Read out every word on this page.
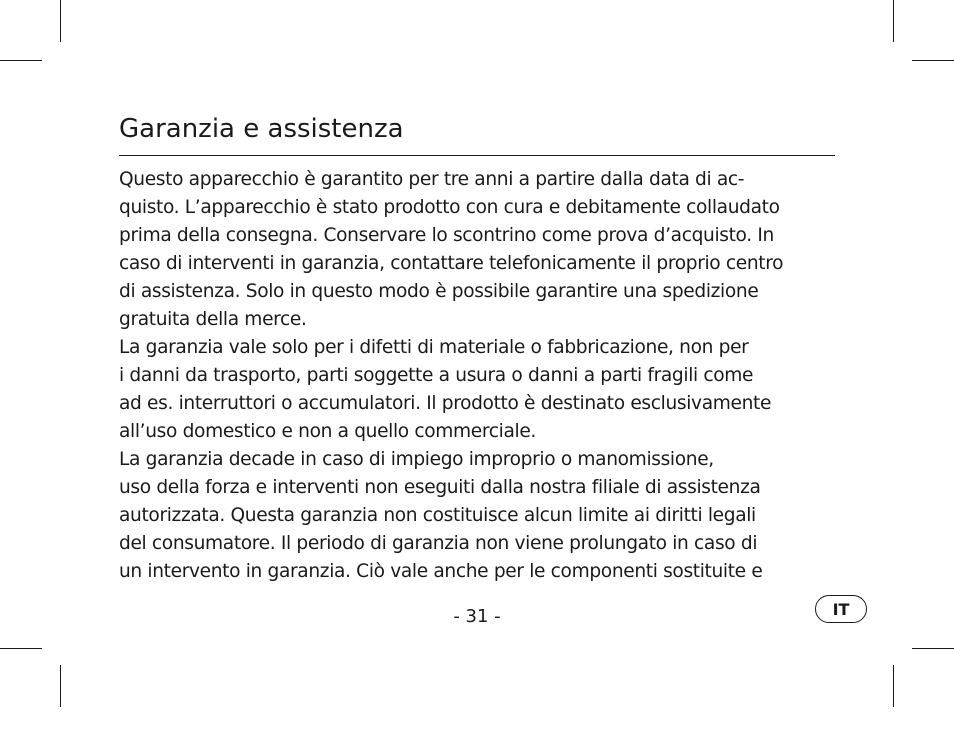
Garanzia e assistenza
Questo apparecchio è garantito per tre anni a partire dalla data di ac-
quisto. L’apparecchio è stato prodotto con cura e debitamente collaudato
prima della consegna. Conservare lo scontrino come prova d’acquisto. In
caso di interventi in garanzia, contattare telefonicamente il proprio centro
di assistenza. Solo in questo modo è possibile garantire una spedizione
gratuita della merce.
La garanzia vale solo per i difetti di materiale o fabbricazione, non per
i danni da trasporto, parti soggette a usura o danni a parti fragili come
ad es. interruttori o accumulatori. Il prodotto è destinato esclusivamente
all’uso domestico e non a quello commerciale.
La garanzia decade in caso di impiego improprio o manomissione,
uso della forza e interventi non eseguiti dalla nostra filiale di assistenza
autorizzata. Questa garanzia non costituisce alcun limite ai diritti legali
del consumatore. Il periodo di garanzia non viene prolungato in caso di
un intervento in garanzia. Ciò vale anche per le componenti sostituite e
- 31 -	IT
